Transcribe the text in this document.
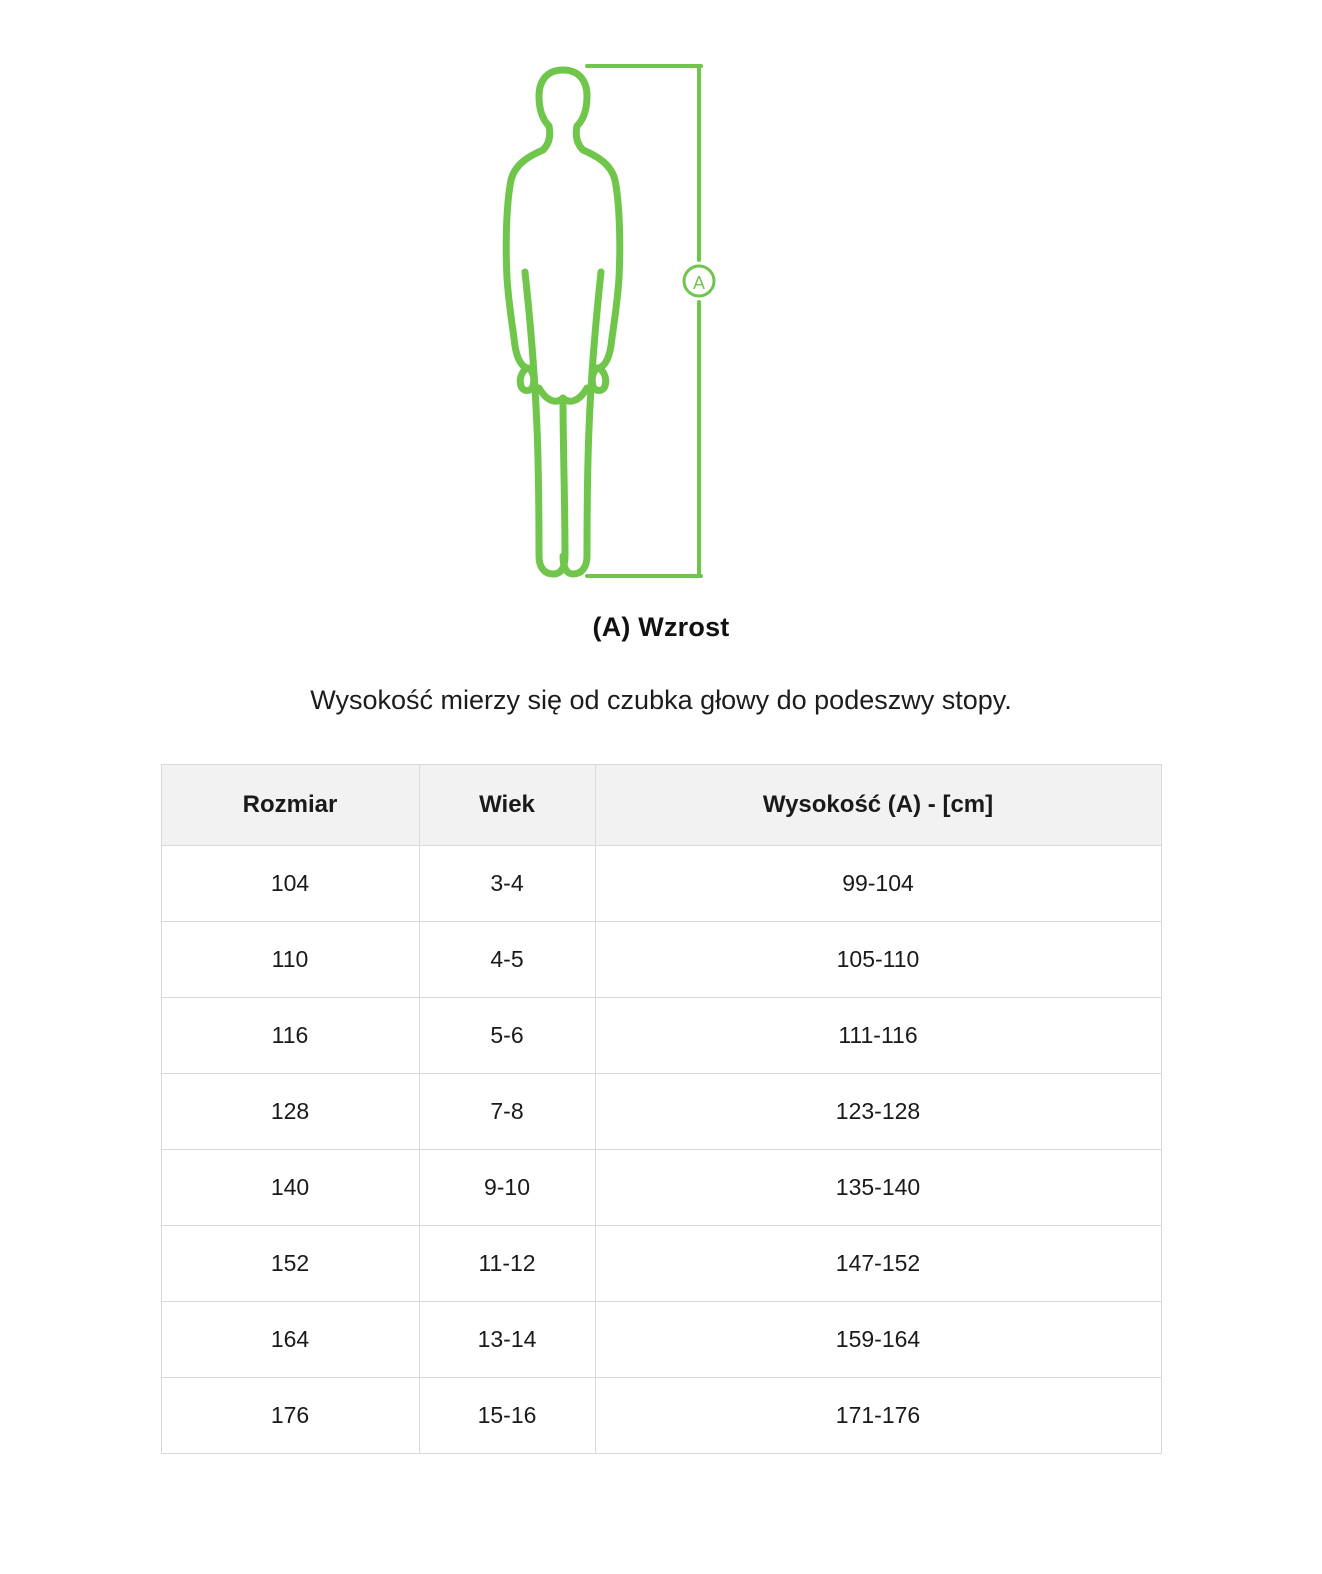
A
(A) Wzrost
Wysokość mierzy się od czubka głowy do podeszwy stopy.
Rozmiar	Wiek	Wysokość (A) - [cm]
104	3-4	99-104
110	4-5	105-110
116	5-6	111-116
128	7-8	123-128
140	9-10	135-140
152	11-12	147-152
164	13-14	159-164
176	15-16	171-176
